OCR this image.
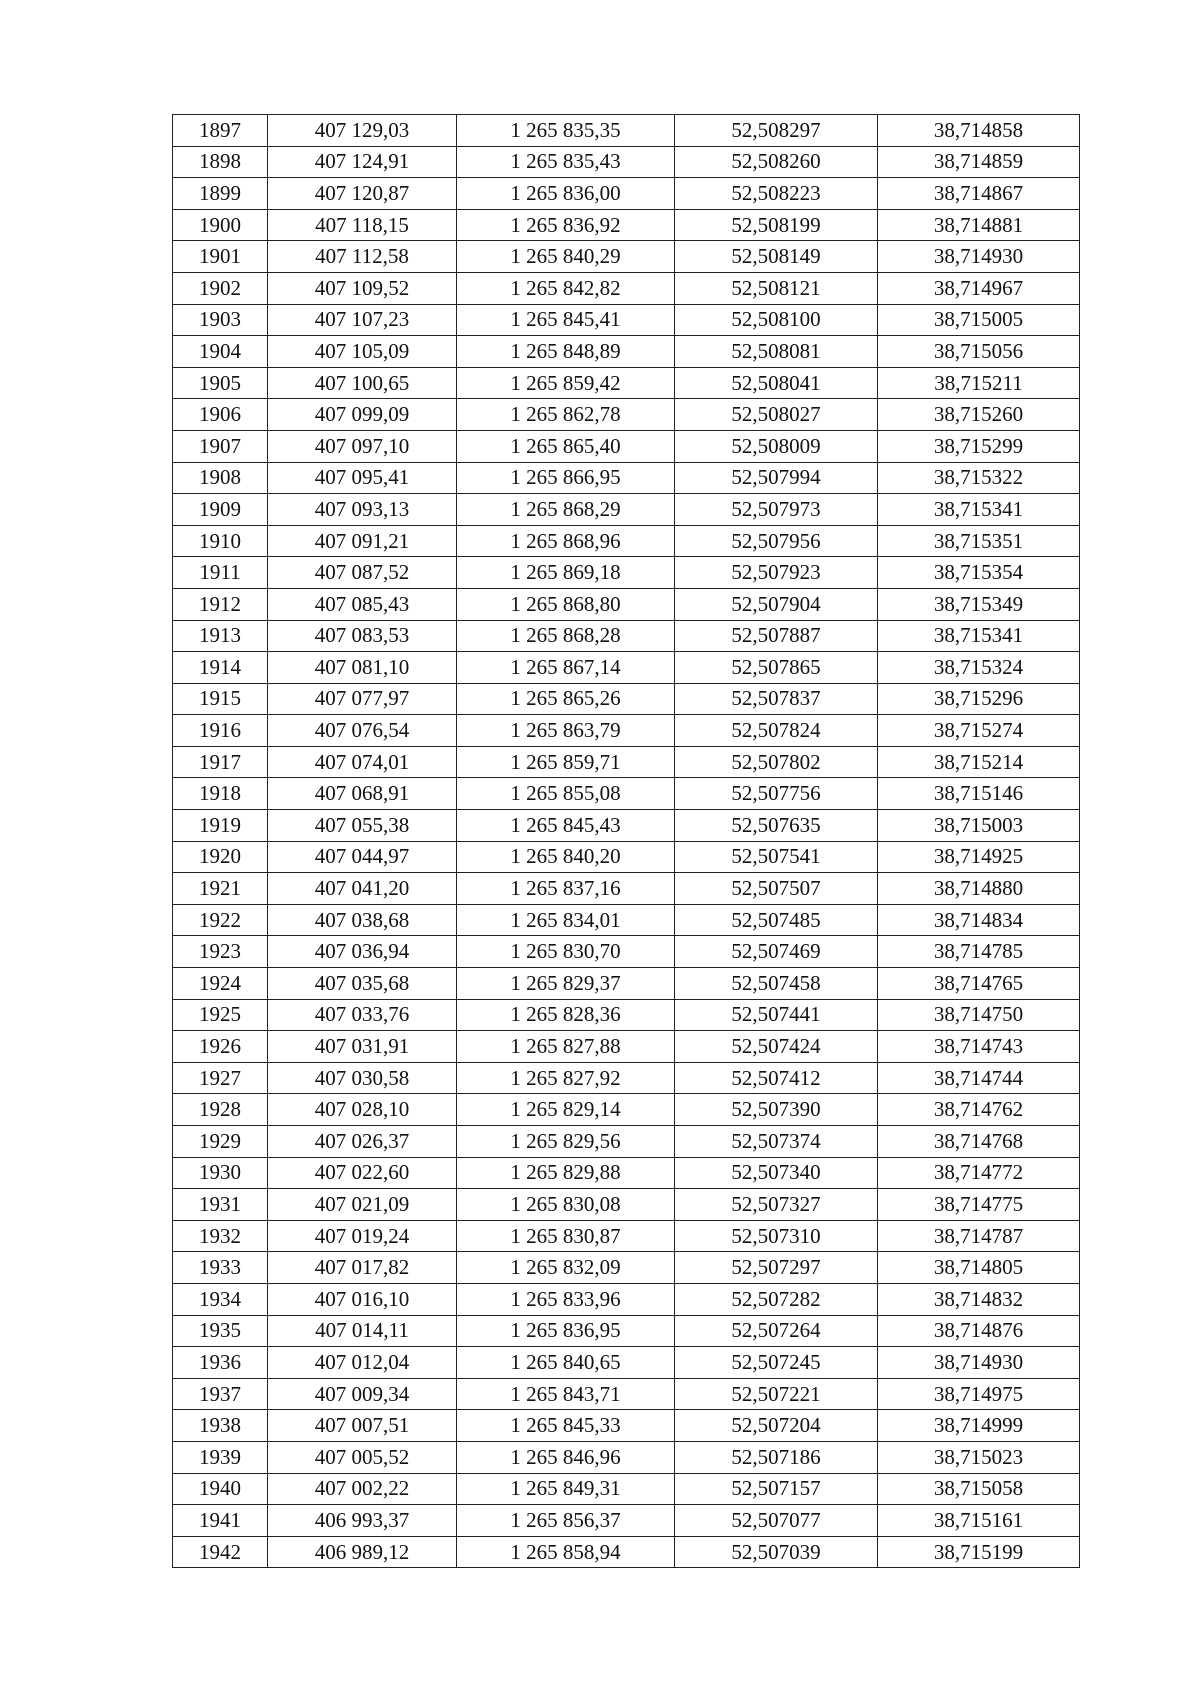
1897	407 129,03	1 265 835,35	52,508297	38,714858
1898	407 124,91	1 265 835,43	52,508260	38,714859
1899	407 120,87	1 265 836,00	52,508223	38,714867
1900	407 118,15	1 265 836,92	52,508199	38,714881
1901	407 112,58	1 265 840,29	52,508149	38,714930
1902	407 109,52	1 265 842,82	52,508121	38,714967
1903	407 107,23	1 265 845,41	52,508100	38,715005
1904	407 105,09	1 265 848,89	52,508081	38,715056
1905	407 100,65	1 265 859,42	52,508041	38,715211
1906	407 099,09	1 265 862,78	52,508027	38,715260
1907	407 097,10	1 265 865,40	52,508009	38,715299
1908	407 095,41	1 265 866,95	52,507994	38,715322
1909	407 093,13	1 265 868,29	52,507973	38,715341
1910	407 091,21	1 265 868,96	52,507956	38,715351
1911	407 087,52	1 265 869,18	52,507923	38,715354
1912	407 085,43	1 265 868,80	52,507904	38,715349
1913	407 083,53	1 265 868,28	52,507887	38,715341
1914	407 081,10	1 265 867,14	52,507865	38,715324
1915	407 077,97	1 265 865,26	52,507837	38,715296
1916	407 076,54	1 265 863,79	52,507824	38,715274
1917	407 074,01	1 265 859,71	52,507802	38,715214
1918	407 068,91	1 265 855,08	52,507756	38,715146
1919	407 055,38	1 265 845,43	52,507635	38,715003
1920	407 044,97	1 265 840,20	52,507541	38,714925
1921	407 041,20	1 265 837,16	52,507507	38,714880
1922	407 038,68	1 265 834,01	52,507485	38,714834
1923	407 036,94	1 265 830,70	52,507469	38,714785
1924	407 035,68	1 265 829,37	52,507458	38,714765
1925	407 033,76	1 265 828,36	52,507441	38,714750
1926	407 031,91	1 265 827,88	52,507424	38,714743
1927	407 030,58	1 265 827,92	52,507412	38,714744
1928	407 028,10	1 265 829,14	52,507390	38,714762
1929	407 026,37	1 265 829,56	52,507374	38,714768
1930	407 022,60	1 265 829,88	52,507340	38,714772
1931	407 021,09	1 265 830,08	52,507327	38,714775
1932	407 019,24	1 265 830,87	52,507310	38,714787
1933	407 017,82	1 265 832,09	52,507297	38,714805
1934	407 016,10	1 265 833,96	52,507282	38,714832
1935	407 014,11	1 265 836,95	52,507264	38,714876
1936	407 012,04	1 265 840,65	52,507245	38,714930
1937	407 009,34	1 265 843,71	52,507221	38,714975
1938	407 007,51	1 265 845,33	52,507204	38,714999
1939	407 005,52	1 265 846,96	52,507186	38,715023
1940	407 002,22	1 265 849,31	52,507157	38,715058
1941	406 993,37	1 265 856,37	52,507077	38,715161
1942	406 989,12	1 265 858,94	52,507039	38,715199
